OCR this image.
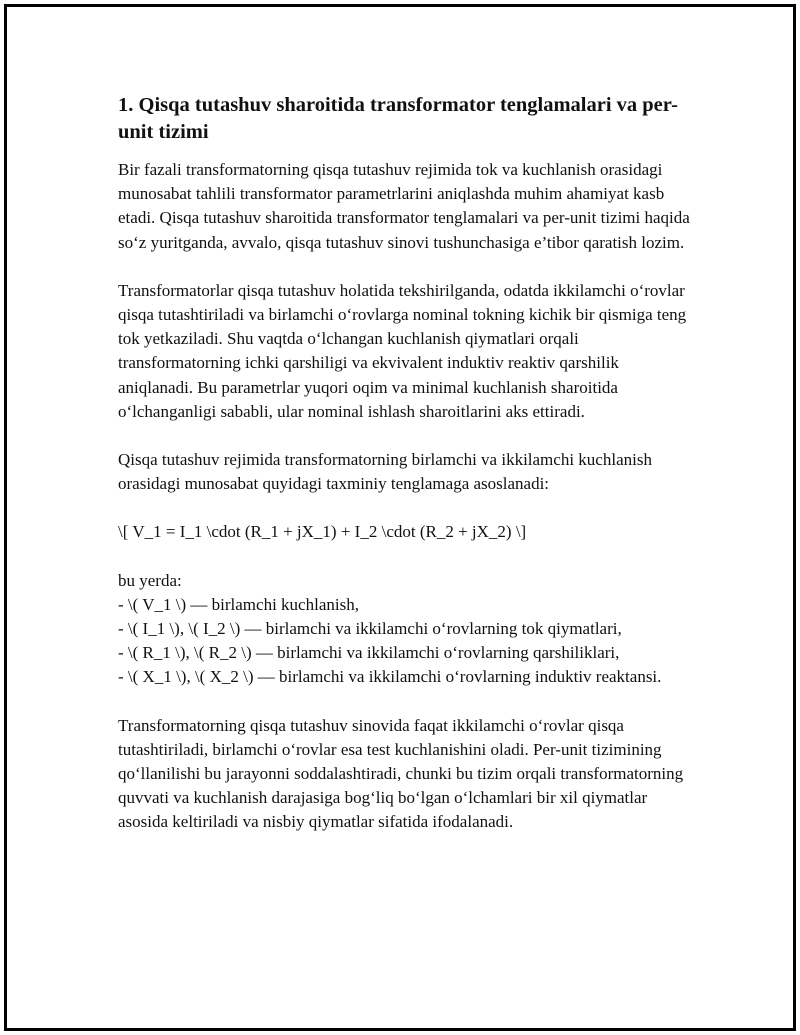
1. Qisqa tutashuv sharoitida transformator tenglamalari va per-unit tizimi

Bir fazali transformatorning qisqa tutashuv rejimida tok va kuchlanish orasidagi munosabat tahlili transformator parametrlarini aniqlashda muhim ahamiyat kasb etadi. Qisqa tutashuv sharoitida transformator tenglamalari va per-unit tizimi haqida so‘z yuritganda, avvalo, qisqa tutashuv sinovi tushunchasiga e’tibor qaratish lozim.

Transformatorlar qisqa tutashuv holatida tekshirilganda, odatda ikkilamchi o‘rovlar qisqa tutashtiriladi va birlamchi o‘rovlarga nominal tokning kichik bir qismiga teng tok yetkaziladi. Shu vaqtda o‘lchangan kuchlanish qiymatlari orqali transformatorning ichki qarshiligi va ekvivalent induktiv reaktiv qarshilik aniqlanadi. Bu parametrlar yuqori oqim va minimal kuchlanish sharoitida o‘lchanganligi sababli, ular nominal ishlash sharoitlarini aks ettiradi.

Qisqa tutashuv rejimida transformatorning birlamchi va ikkilamchi kuchlanish orasidagi munosabat quyidagi taxminiy tenglamaga asoslanadi:

\[ V_1 = I_1 \cdot (R_1 + jX_1) + I_2 \cdot (R_2 + jX_2) \]

bu yerda:

- \( V_1 \) — birlamchi kuchlanish,

- \( I_1 \), \( I_2 \) — birlamchi va ikkilamchi o‘rovlarning tok qiymatlari,

- \( R_1 \), \( R_2 \) — birlamchi va ikkilamchi o‘rovlarning qarshiliklari,

- \( X_1 \), \( X_2 \) — birlamchi va ikkilamchi o‘rovlarning induktiv reaktansi.

Transformatorning qisqa tutashuv sinovida faqat ikkilamchi o‘rovlar qisqa tutashtiriladi, birlamchi o‘rovlar esa test kuchlanishini oladi. Per-unit tizimining qo‘llanilishi bu jarayonni soddalashtiradi, chunki bu tizim orqali transformatorning quvvati va kuchlanish darajasiga bog‘liq bo‘lgan o‘lchamlari bir xil qiymatlar asosida keltiriladi va nisbiy qiymatlar sifatida ifodalanadi.
